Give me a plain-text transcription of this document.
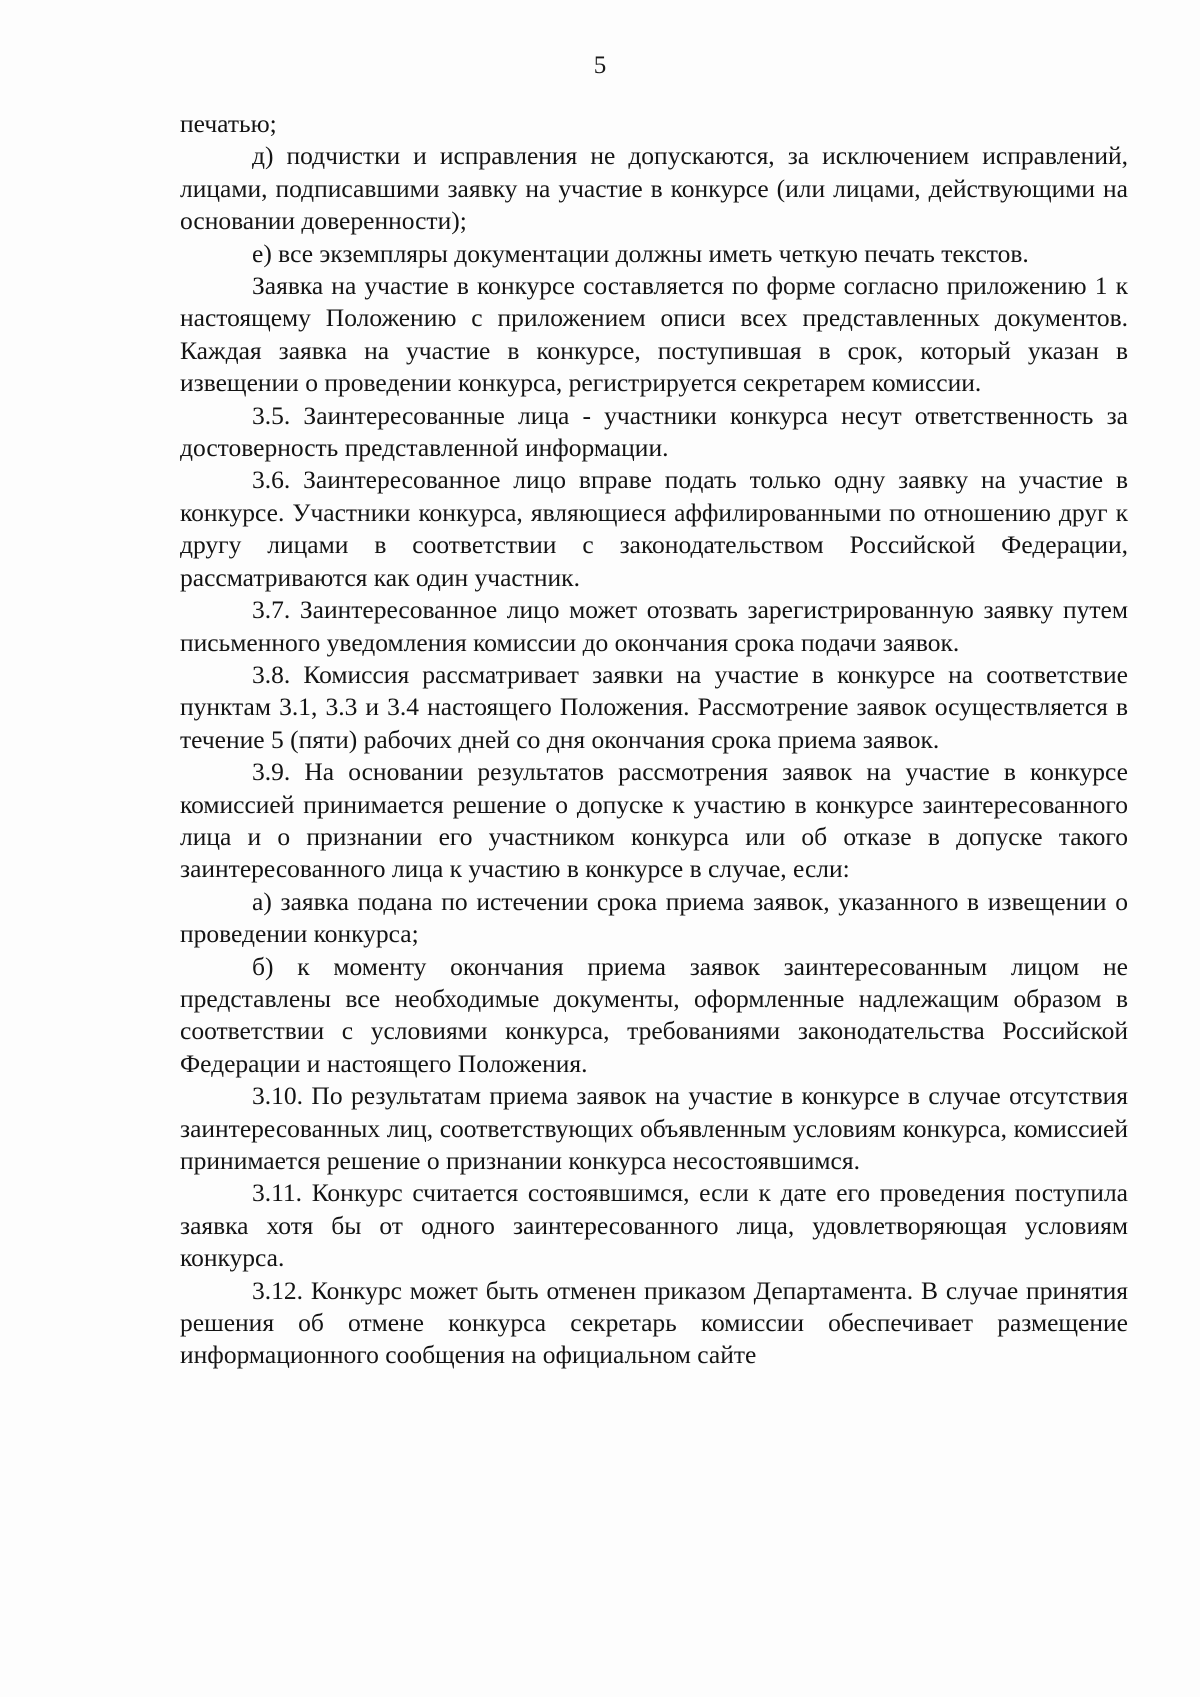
5

печатью;

д) подчистки и исправления не допускаются, за исключением исправлений, лицами, подписавшими заявку на участие в конкурсе (или лицами, действующими на основании доверенности);

е) все экземпляры документации должны иметь четкую печать текстов.

Заявка на участие в конкурсе составляется по форме согласно приложению 1 к настоящему Положению с приложением описи всех представленных документов. Каждая заявка на участие в конкурсе, поступившая в срок, который указан в извещении о проведении конкурса, регистрируется секретарем комиссии.

3.5. Заинтересованные лица - участники конкурса несут ответственность за достоверность представленной информации.

3.6. Заинтересованное лицо вправе подать только одну заявку на участие в конкурсе. Участники конкурса, являющиеся аффилированными по отношению друг к другу лицами в соответствии с законодательством Российской Федерации, рассматриваются как один участник.

3.7. Заинтересованное лицо может отозвать зарегистрированную заявку путем письменного уведомления комиссии до окончания срока подачи заявок.

3.8. Комиссия рассматривает заявки на участие в конкурсе на соответствие пунктам 3.1, 3.3 и 3.4 настоящего Положения. Рассмотрение заявок осуществляется в течение 5 (пяти) рабочих дней со дня окончания срока приема заявок.

3.9. На основании результатов рассмотрения заявок на участие в конкурсе комиссией принимается решение о допуске к участию в конкурсе заинтересованного лица и о признании его участником конкурса или об отказе в допуске такого заинтересованного лица к участию в конкурсе в случае, если:

а) заявка подана по истечении срока приема заявок, указанного в извещении о проведении конкурса;

б) к моменту окончания приема заявок заинтересованным лицом не представлены все необходимые документы, оформленные надлежащим образом в соответствии с условиями конкурса, требованиями законодательства Российской Федерации и настоящего Положения.

3.10. По результатам приема заявок на участие в конкурсе в случае отсутствия заинтересованных лиц, соответствующих объявленным условиям конкурса, комиссией принимается решение о признании конкурса несостоявшимся.

3.11. Конкурс считается состоявшимся, если к дате его проведения поступила заявка хотя бы от одного заинтересованного лица, удовлетворяющая условиям конкурса.

3.12. Конкурс может быть отменен приказом Департамента. В случае принятия решения об отмене конкурса секретарь комиссии обеспечивает размещение информационного сообщения на официальном сайте
